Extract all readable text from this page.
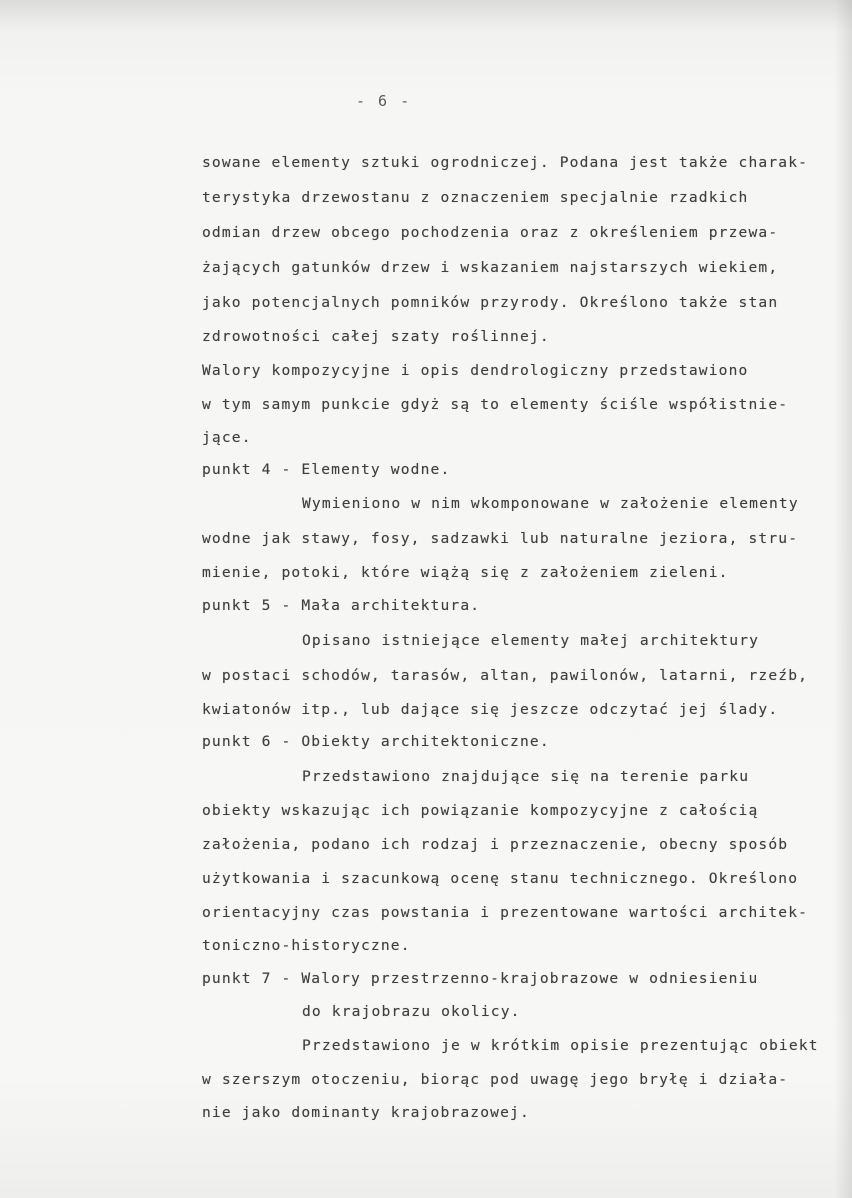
- 6 -
sowane elementy sztuki ogrodniczej. Podana jest także charak-
terystyka drzewostanu z oznaczeniem specjalnie rzadkich
odmian drzew obcego pochodzenia oraz z określeniem przewa-
żających gatunków drzew i wskazaniem najstarszych wiekiem,
jako potencjalnych pomników przyrody. Określono także stan
zdrowotności całej szaty roślinnej.
Walory kompozycyjne i opis dendrologiczny przedstawiono
w tym samym punkcie gdyż są to elementy ściśle współistnie-
jące.
punkt 4 - Elementy wodne.
Wymieniono w nim wkomponowane w założenie elementy
wodne jak stawy, fosy, sadzawki lub naturalne jeziora, stru-
mienie, potoki, które wiążą się z założeniem zieleni.
punkt 5 - Mała architektura.
Opisano istniejące elementy małej architektury
w postaci schodów, tarasów, altan, pawilonów, latarni, rzeźb,
kwiatonów itp., lub dające się jeszcze odczytać jej ślady.
punkt 6 - Obiekty architektoniczne.
Przedstawiono znajdujące się na terenie parku
obiekty wskazując ich powiązanie kompozycyjne z całością
założenia, podano ich rodzaj i przeznaczenie, obecny sposób
użytkowania i szacunkową ocenę stanu technicznego. Określono
orientacyjny czas powstania i prezentowane wartości architek-
toniczno-historyczne.
punkt 7 - Walory przestrzenno-krajobrazowe w odniesieniu
do krajobrazu okolicy.
Przedstawiono je w krótkim opisie prezentując obiekt
w szerszym otoczeniu, biorąc pod uwagę jego bryłę i działa-
nie jako dominanty krajobrazowej.
